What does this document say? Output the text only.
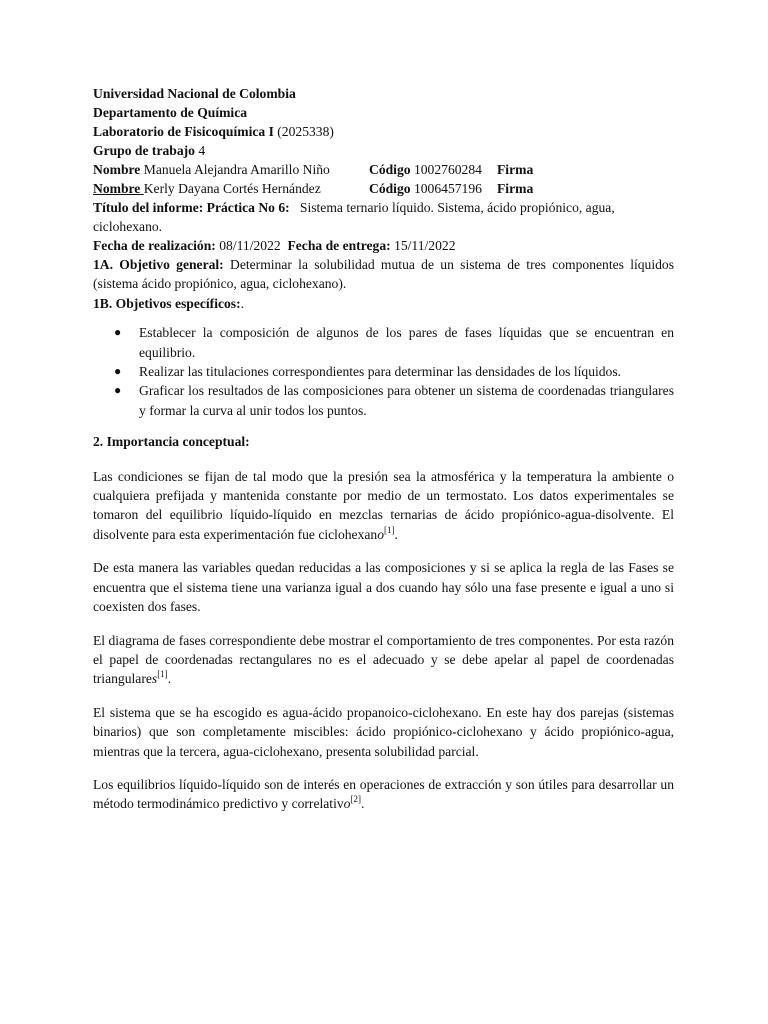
Universidad Nacional de Colombia
Departamento de Química
Laboratorio de Fisicoquímica I (2025338)
Grupo de trabajo 4
Nombre Manuela Alejandra Amarillo Niño	Código 1002760284 Firma
Nombre Kerly Dayana Cortés Hernández	Código 1006457196 Firma
Título del informe: Práctica No 6: Sistema ternario líquido. Sistema, ácido propiónico, agua, ciclohexano.
Fecha de realización: 08/11/2022 Fecha de entrega: 15/11/2022

1A. Objetivo general: Determinar la solubilidad mutua de un sistema de tres componentes líquidos (sistema ácido propiónico, agua, ciclohexano).

1B. Objetivos específicos:.

● Establecer la composición de algunos de los pares de fases líquidas que se encuentran en equilibrio.
● Realizar las titulaciones correspondientes para determinar las densidades de los líquidos.
● Graficar los resultados de las composiciones para obtener un sistema de coordenadas triangulares y formar la curva al unir todos los puntos.

2. Importancia conceptual:

Las condiciones se fijan de tal modo que la presión sea la atmosférica y la temperatura la ambiente o cualquiera prefijada y mantenida constante por medio de un termostato. Los datos experimentales se tomaron del equilibrio líquido-líquido en mezclas ternarias de ácido propiónico-agua-disolvente. El disolvente para esta experimentación fue ciclohexano[1].

De esta manera las variables quedan reducidas a las composiciones y si se aplica la regla de las Fases se encuentra que el sistema tiene una varianza igual a dos cuando hay sólo una fase presente e igual a uno si coexisten dos fases.

El diagrama de fases correspondiente debe mostrar el comportamiento de tres componentes. Por esta razón el papel de coordenadas rectangulares no es el adecuado y se debe apelar al papel de coordenadas triangulares[1].

El sistema que se ha escogido es agua-ácido propanoico-ciclohexano. En este hay dos parejas (sistemas binarios) que son completamente miscibles: ácido propiónico-ciclohexano y ácido propiónico-agua, mientras que la tercera, agua-ciclohexano, presenta solubilidad parcial.

Los equilibrios líquido-líquido son de interés en operaciones de extracción y son útiles para desarrollar un método termodinámico predictivo y correlativo[2].
